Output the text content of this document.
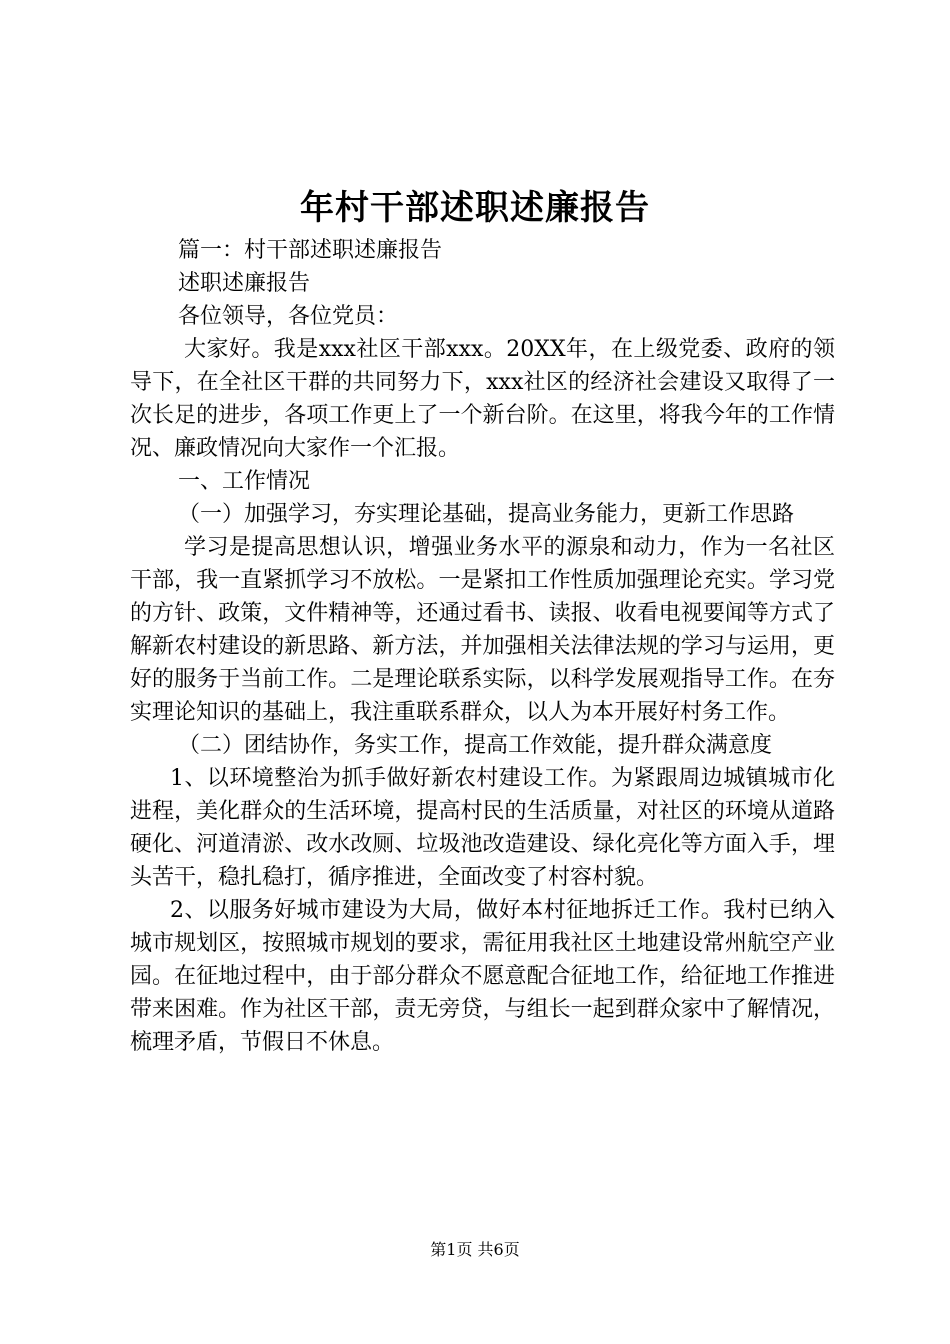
年村干部述职述廉报告

篇一：村干部述职述廉报告

述职述廉报告

各位领导，各位党员：

大家好。我是xxx社区干部xxx。20XX年，在上级党委、政府的领导下，在全社区干群的共同努力下，xxx社区的经济社会建设又取得了一次长足的进步，各项工作更上了一个新台阶。在这里，将我今年的工作情况、廉政情况向大家作一个汇报。

一、工作情况

（一）加强学习，夯实理论基础，提高业务能力，更新工作思路

学习是提高思想认识，增强业务水平的源泉和动力，作为一名社区干部，我一直紧抓学习不放松。一是紧扣工作性质加强理论充实。学习党的方针、政策，文件精神等，还通过看书、读报、收看电视要闻等方式了解新农村建设的新思路、新方法，并加强相关法律法规的学习与运用，更好的服务于当前工作。二是理论联系实际，以科学发展观指导工作。在夯实理论知识的基础上，我注重联系群众，以人为本开展好村务工作。

（二）团结协作，务实工作，提高工作效能，提升群众满意度

1、以环境整治为抓手做好新农村建设工作。为紧跟周边城镇城市化进程，美化群众的生活环境，提高村民的生活质量，对社区的环境从道路硬化、河道清淤、改水改厕、垃圾池改造建设、绿化亮化等方面入手，埋头苦干，稳扎稳打，循序推进，全面改变了村容村貌。

2、以服务好城市建设为大局，做好本村征地拆迁工作。我村已纳入城市规划区，按照城市规划的要求，需征用我社区土地建设常州航空产业园。在征地过程中，由于部分群众不愿意配合征地工作，给征地工作推进带来困难。作为社区干部，责无旁贷，与组长一起到群众家中了解情况，梳理矛盾，节假日不休息。

第1页 共6页
